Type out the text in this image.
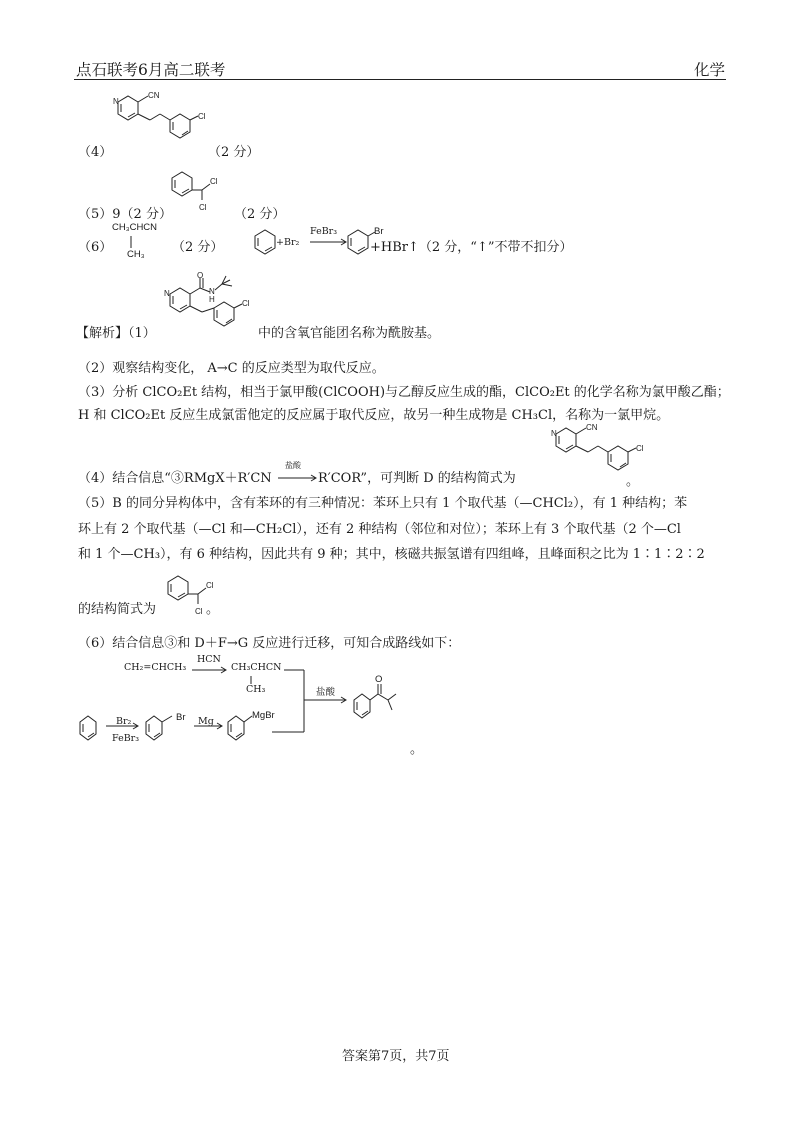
点石联考6月高二联考	化学
N
CN
Cl
（4）	（2 分）
Cl
Cl
（5）9（2 分）	（2 分）
（6）
CH₃CHCN
CH₃ （2 分）	+Br₂
FeBr₃	Br
+HBr↑（2 分，“↑”不带不扣分）
O
N
H
N
Cl
【解析】（1）	中的含氧官能团名称为酰胺基。
（2）观察结构变化， A→C 的反应类型为取代反应。
（3）分析 ClCO₂Et 结构，相当于氯甲酸(ClCOOH)与乙醇反应生成的酯，ClCO₂Et 的化学名称为氯甲酸乙酯；
H 和 ClCO₂Et 反应生成氯雷他定的反应属于取代反应，故另一种生成物是 CH₃Cl，名称为一氯甲烷。
（4）结合信息“③RMgX＋R′CN
盐酸
R′COR”，可判断 D 的结构简式为
N
CN
Cl
。
（5）B 的同分异构体中，含有苯环的有三种情况：苯环上只有 1 个取代基（—CHCl₂），有 1 种结构；苯
环上有 2 个取代基（—Cl 和—CH₂Cl），还有 2 种结构（邻位和对位）；苯环上有 3 个取代基（2 个—Cl
和 1 个—CH₃），有 6 种结构，因此共有 9 种；其中，核磁共振氢谱有四组峰，且峰面积之比为 1∶1∶2∶2
Cl
Cl
的结构简式为	。
（6）结合信息③和 D＋F→G 反应进行迁移，可知合成路线如下：
CH₂=CHCH₃
HCN
CH₃CHCN
CH₃	盐酸
Br₂
FeBr₃
Br Mg
MgBr
。
O
答案第7页，共7页
